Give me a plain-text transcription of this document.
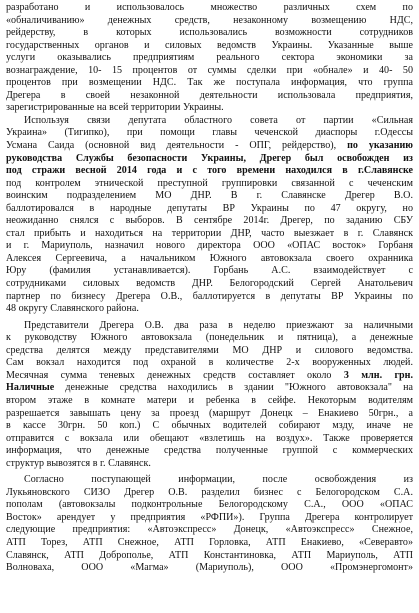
разработано и использовалось множество различных схем по
«обналичиванию» денежных средств, незаконному возмещению НДС,
рейдерству, в которых использовались возможности сотрудников
государственных органов и силовых ведомств Украины. Указанные выше
услуги оказывались предприятиям реального сектора экономики за
вознаграждение, 10- 15 процентов от суммы сделки при «обнале» и 40- 50
процентов при возмещении НДС. Так же поступала информация, что группа
Дрегера в своей незаконной деятельности использовала предприятия,
зарегистрированные на всей территории Украины.
Используя связи депутата областного совета от партии «Сильная
Украина» (Тигипко), при помощи главы чеченской диаспоры г.Одессы
Усмана Саида (основной вид деятельности - ОПГ, рейдерство), по указанию
руководства Службы безопасности Украины, Дрегер был освобожден из
под стражи весной 2014 года и с того времени находился в г.Славянске
под контролем этнической преступной группировки связанной с чеченским
воинским подразделением МО ДНР. В г. Славянске Дрегер В.О.
баллотировался в народные депутаты ВР Украины по 47 округу, но
неожиданно снялся с выборов. В сентябре 2014г. Дрегер, по заданию СБУ
стал прибыть и находиться на территории ДНР, часто выезжает в г. Славянск
и г. Мариуполь, назначил нового директора ООО «ОПАС восток» Горбаня
Алексея Сергеевича, а начальником Южного автовокзала своего охранника
Юру (фамилия устанавливается). Горбань А.С. взаимодействует с
сотрудниками силовых ведомств ДНР. Белогородский Сергей Анатольевич
партнер по бизнесу Дрегера О.В., баллотируется в депутаты ВР Украины по
48 округу Славянского района.
Представители Дрегера О.В. два раза в неделю приезжают за наличными
к руководству Южного автовокзала (понедельник и пятница), а денежные
средства делятся между представителями МО ДНР и силового ведомства.
Сам вокзал находится под охраной в количестве 2-х вооруженных людей.
Месячная сумма теневых денежных средств составляет около 3 млн. грн.
Наличные денежные средства находились в здании "Южного автовокзала" на
втором этаже в комнате матери и ребенка в сейфе. Некоторым водителям
разрешается завышать цену за проезд (маршрут Донецк – Енакиево 50грн., а
в кассе 30грн. 50 коп.) С обычных водителей собирают мзду, иначе не
отправится с вокзала или обещают «взлетишь на воздух». Также проверяется
информация, что денежные средства полученные группой с коммерческих
структур вывозятся в г. Славянск.
Согласно поступающей информации, после освобождения из
Лукьяновского СИЗО Дрегер О.В. разделил бизнес с Белогородском С.А.
пополам (автовокзалы подконтрольные Белогородскому С.А., ООО «ОПАС
Восток» арендует у предприятия «РФПИ»). Группа Дрегера контролирует
следующие предприятия: «Автоэкспресс» Донецк, «Автоэкспресс» Снежное,
АТП Торез, АТП Снежное, АТП Горловка, АТП Енакиево, «Северавто»
Славянск, АТП Доброполье, АТП Константиновка, АТП Мариуполь, АТП
Волноваха, ООО «Магма» (Мариуполь), ООО «Промэнергомонт»
